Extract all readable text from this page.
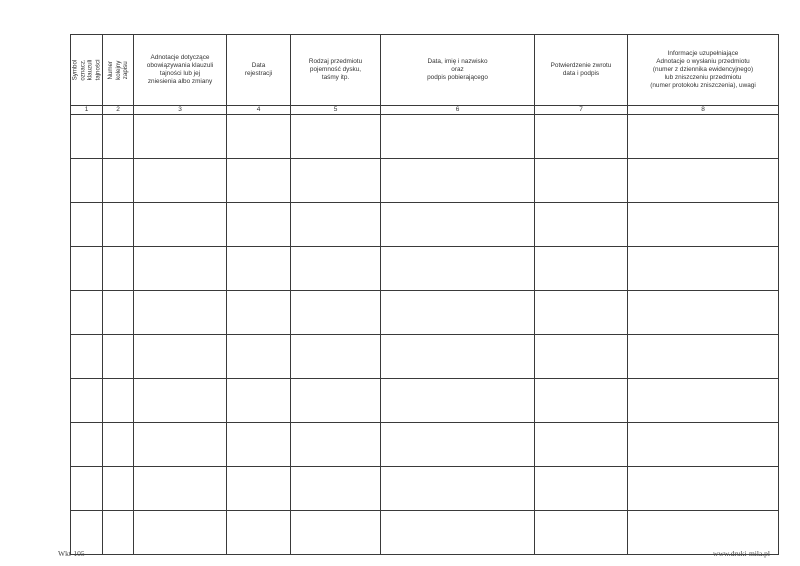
Symbol oznacz. klauzuli tajności	Numer kolejny zapisu	Adnotacje dotyczące
obowiązywania klauzuli
tajności lub jej
zniesienia albo zmiany	Data
rejestracji	Rodzaj przedmiotu
pojemność dysku,
taśmy itp.	Data, imię i nazwisko
oraz
podpis pobierającego	Potwierdzenie zwrotu
data i podpis	Informacje uzupełniające
Adnotacje o wysłaniu przedmiotu
(numer z dziennika ewidencyjnego)
lub zniszczeniu przedmiotu
(numer protokołu zniszczenia), uwagi
1	2	3	4	5	6	7	8

Wkt-105	www.druki-mila.pl
